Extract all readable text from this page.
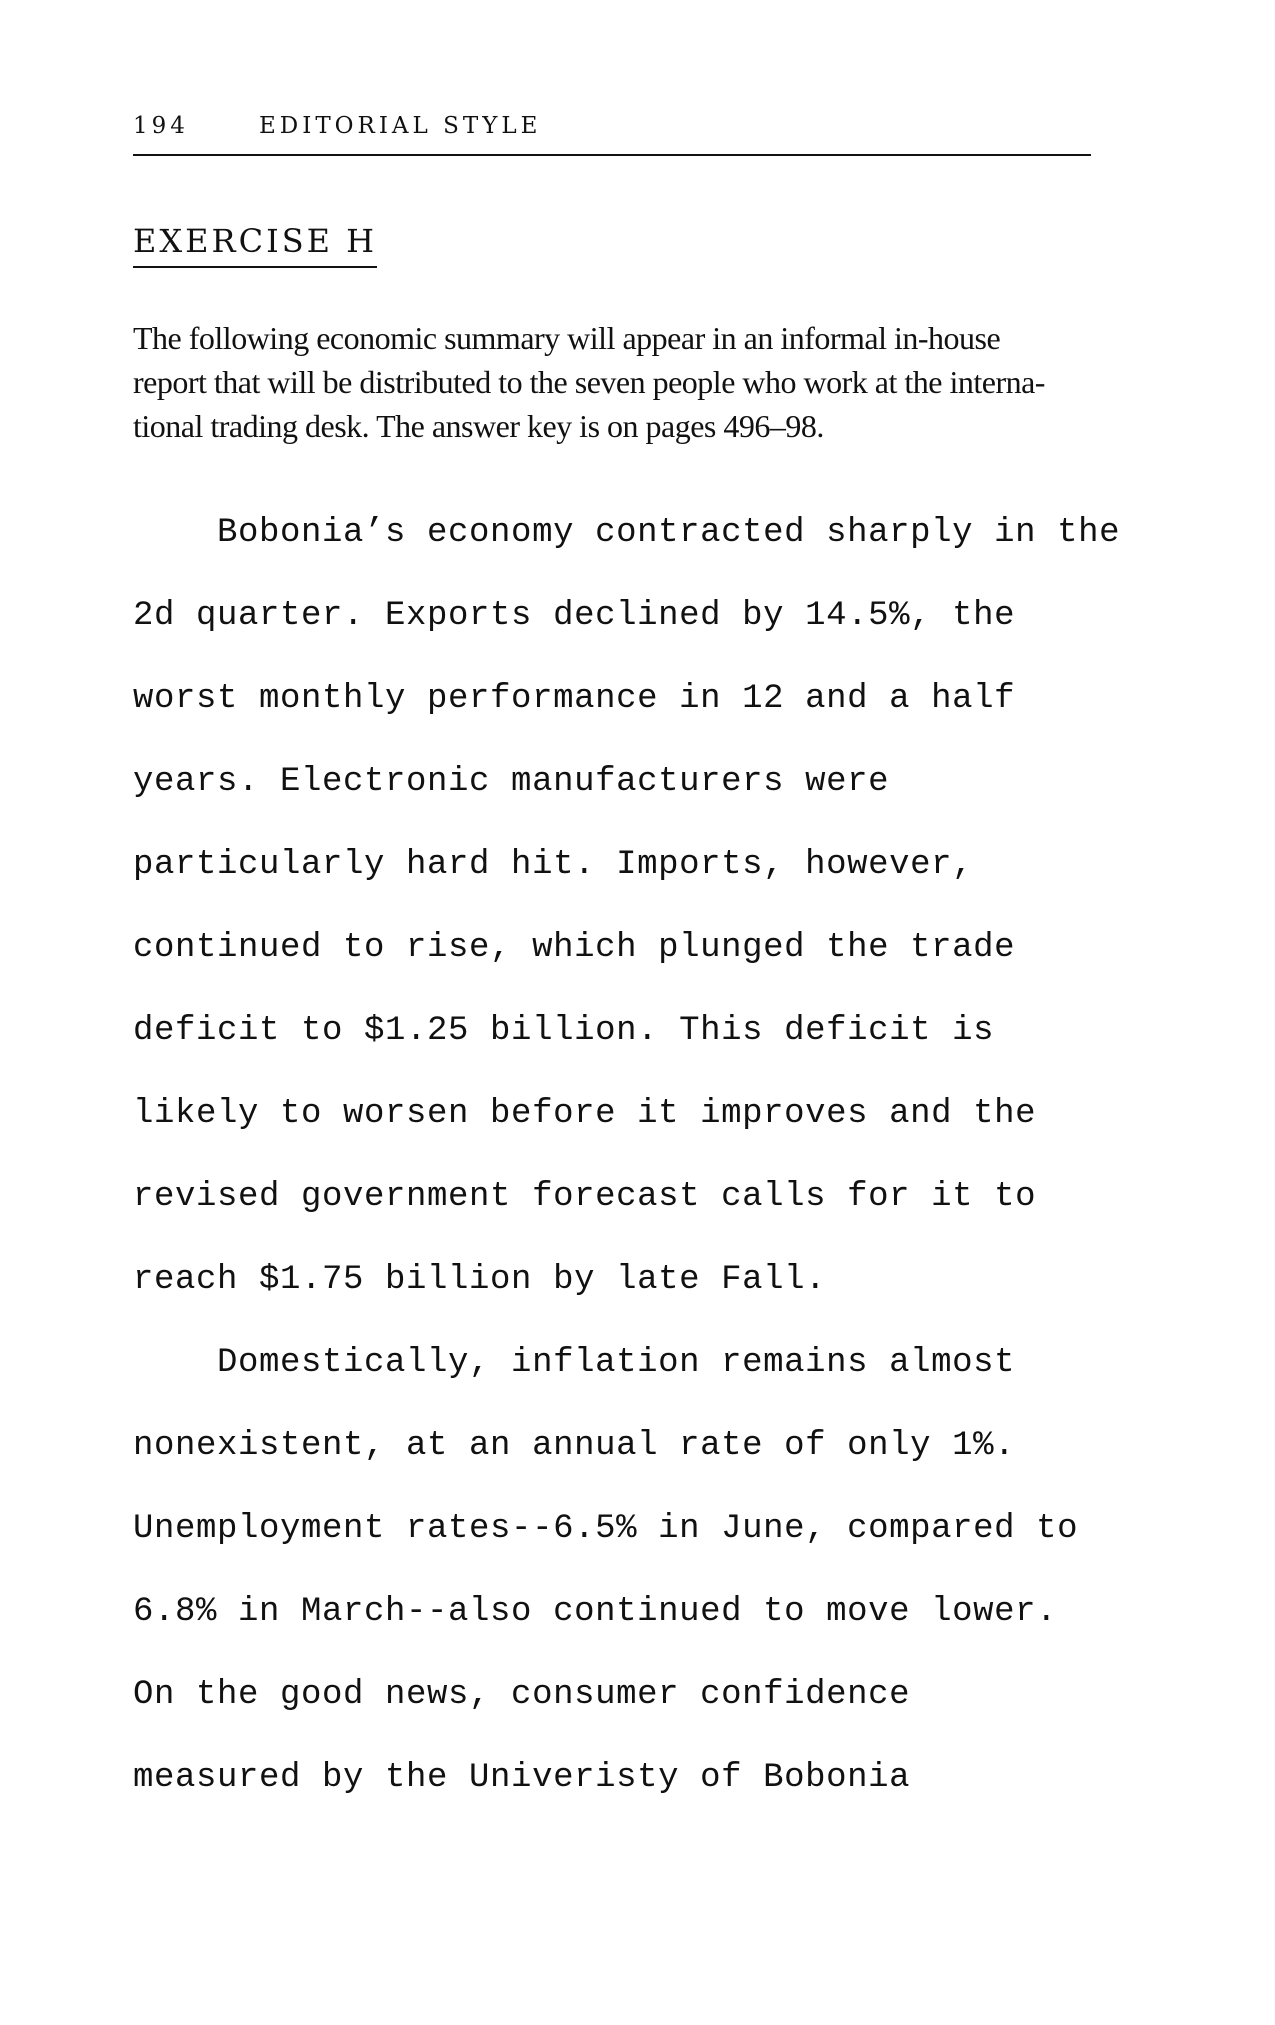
194	EDITORIAL STYLE
EXERCISE H
The following economic summary will appear in an informal in-house
report that will be distributed to the seven people who work at the interna-
tional trading desk. The answer key is on pages 496–98.
Bobonia’s economy contracted sharply in the
2d quarter. Exports declined by 14.5%, the
worst monthly performance in 12 and a half
years. Electronic manufacturers were
particularly hard hit. Imports, however,
continued to rise, which plunged the trade
deficit to $1.25 billion. This deficit is
likely to worsen before it improves and the
revised government forecast calls for it to
reach $1.75 billion by late Fall.
Domestically, inflation remains almost
nonexistent, at an annual rate of only 1%.
Unemployment rates--6.5% in June, compared to
6.8% in March--also continued to move lower.
On the good news, consumer confidence
measured by the Univeristy of Bobonia
